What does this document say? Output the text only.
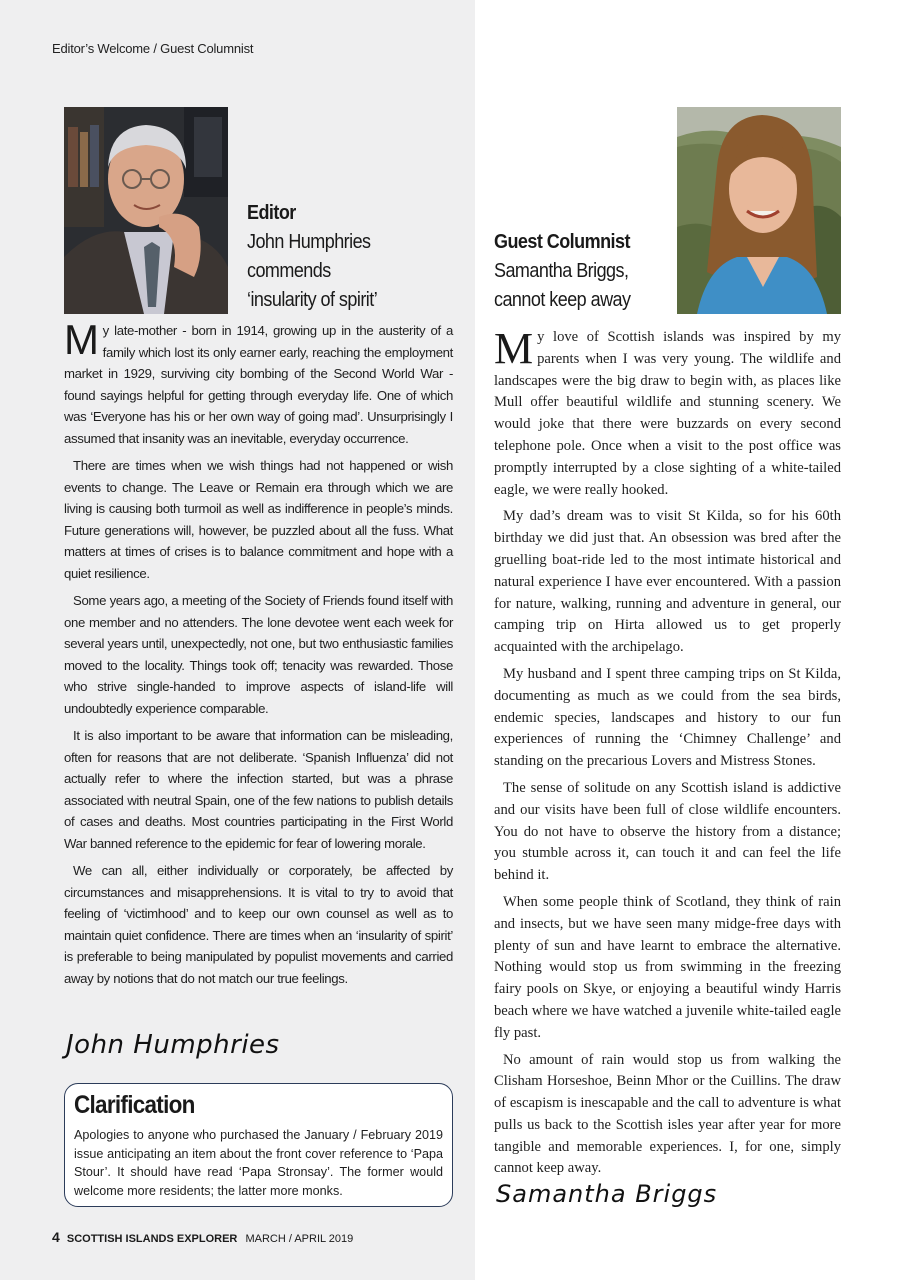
Editor’s Welcome / Guest Columnist
Editor
John Humphries
commends
‘insularity of spirit’
Guest Columnist
Samantha Briggs,
cannot keep away

My late-mother - born in 1914, growing up in the austerity of a family which lost its only earner early, reaching the employment market in 1929, surviving city bombing of the Second World War - found sayings helpful for getting through everyday life. One of which was ‘Everyone has his or her own way of going mad’. Unsurprisingly I assumed that insanity was an inevitable, everyday occurrence.

There are times when we wish things had not happened or wish events to change. The Leave or Remain era through which we are living is causing both turmoil as well as indifference in people’s minds. Future generations will, however, be puzzled about all the fuss. What matters at times of crises is to balance commitment and hope with a quiet resilience.

Some years ago, a meeting of the Society of Friends found itself with one member and no attenders. The lone devotee went each week for several years until, unexpectedly, not one, but two enthusiastic families moved to the locality. Things took off; tenacity was rewarded. Those who strive single-handed to improve aspects of island-life will undoubtedly experience comparable.

It is also important to be aware that information can be misleading, often for reasons that are not deliberate. ‘Spanish Influenza’ did not actually refer to where the infection started, but was a phrase associated with neutral Spain, one of the few nations to publish details of cases and deaths. Most countries participating in the First World War banned reference to the epidemic for fear of lowering morale.

We can all, either individually or corporately, be affected by circumstances and misapprehensions. It is vital to try to avoid that feeling of ‘victimhood’ and to keep our own counsel as well as to maintain quiet confidence. There are times when an ‘insularity of spirit’ is preferable to being manipulated by populist movements and carried away by notions that do not match our true feelings.

John Humphries
Clarification
Apologies to anyone who purchased the January / February 2019 issue anticipating an item about the front cover reference to ‘Papa Stour’. It should have read ‘Papa Stronsay’. The former would welcome more residents; the latter more monks.

My love of Scottish islands was inspired by my parents when I was very young. The wildlife and landscapes were the big draw to begin with, as places like Mull offer beautiful wildlife and stunning scenery. We would joke that there were buzzards on every second telephone pole. Once when a visit to the post office was promptly interrupted by a close sighting of a white-tailed eagle, we were really hooked.

My dad’s dream was to visit St Kilda, so for his 60th birthday we did just that. An obsession was bred after the gruelling boat-ride led to the most intimate historical and natural experience I have ever encountered. With a passion for nature, walking, running and adventure in general, our camping trip on Hirta allowed us to get properly acquainted with the archipelago.

My husband and I spent three camping trips on St Kilda, documenting as much as we could from the sea birds, endemic species, landscapes and history to our fun experiences of running the ‘Chimney Challenge’ and standing on the precarious Lovers and Mistress Stones.

The sense of solitude on any Scottish island is addictive and our visits have been full of close wildlife encounters. You do not have to observe the history from a distance; you stumble across it, can touch it and can feel the life behind it.

When some people think of Scotland, they think of rain and insects, but we have seen many midge-free days with plenty of sun and have learnt to embrace the alternative. Nothing would stop us from swimming in the freezing fairy pools on Skye, or enjoying a beautiful windy Harris beach where we have watched a juvenile white-tailed eagle fly past.

No amount of rain would stop us from walking the Clisham Horseshoe, Beinn Mhor or the Cuillins. The draw of escapism is inescapable and the call to adventure is what pulls us back to the Scottish isles year after year for more tangible and memorable experiences. I, for one, simply cannot keep away.

Samantha Briggs
4 SCOTTISH ISLANDS EXPLORER MARCH / APRIL 2019
